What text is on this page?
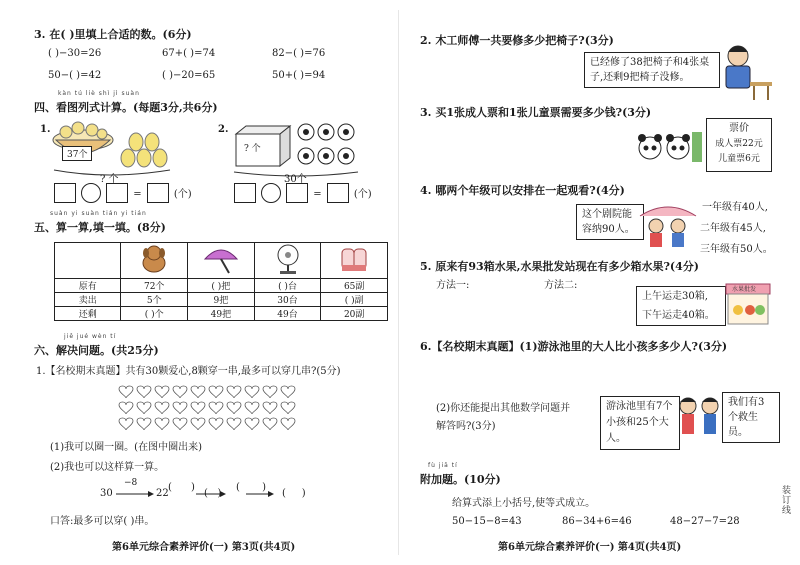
3. 在( )里填上合适的数。(6分)
( )−30=26	67+( )=74	82−( )=76
50−( )=42	( )−20=65	50+( )=94
kàn tú liè shì jì suàn
四、看图列式计算。(每题3分,共6分)
1.
37个
? 个
=	(个)
2.
? 个
30个
=	(个)
suàn yi suàn tián yi tián
五、算一算,填一填。(8分)

原有	72个	( )把	( )台	65副
卖出	5个	9把	30台	( )副
还剩	( )个	49把	49台	20副
jiě jué wèn tí
六、解决问题。(共25分)
1.【名校期末真题】共有30颗爱心,8颗穿一串,最多可以穿几串?(5分)
(1)我可以圈一圈。(在图中圈出来)
(2)我也可以这样算一算。
30
−8
22
(      )
(   )
(       )
(     )
口答:最多可以穿( )串。
第6单元综合素养评价(一) 第3页(共4页)
2. 木工师傅一共要修多少把椅子?(3分)
已经修了38把椅子和4张桌子,还剩9把椅子没修。
3. 买1张成人票和1张儿童票需要多少钱?(3分)
票价
成人票22元
儿童票6元
4. 哪两个年级可以安排在一起观看?(4分)
这个剧院能容纳90人。
一年级有40人,
二年级有45人,
三年级有50人。
5. 原来有93箱水果,水果批发站现在有多少箱水果?(4分)
方法一:	方法二:
上午运走30箱,
下午运走40箱。
水果批发
6.【名校期末真题】(1)游泳池里的大人比小孩多多少人?(3分)
(2)你还能提出其他数学问题并解答吗?(3分)
游泳池里有7个小孩和25个大人。
我们有3个救生员。
fù jiā tí
附加题。(10分)
给算式添上小括号,使等式成立。
50−15−8=43	86−34+6=46	48−27−7=28
第6单元综合素养评价(一) 第4页(共4页)
装订线
